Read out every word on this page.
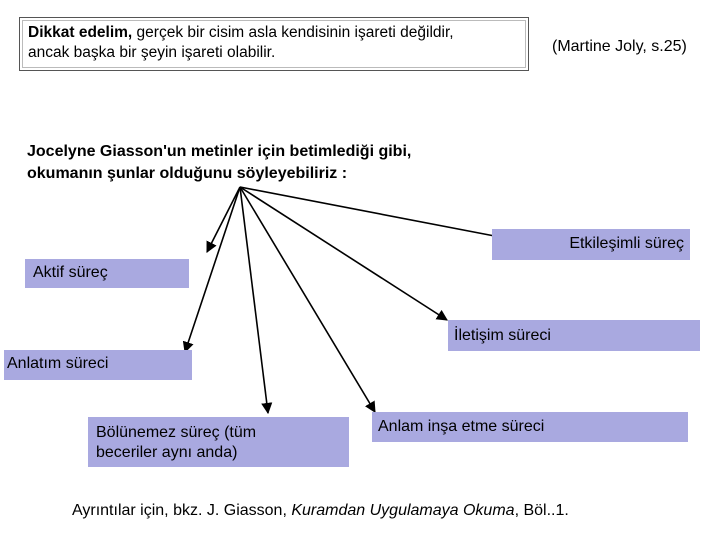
Dikkat edelim, gerçek bir cisim asla kendisinin işareti değildir,
ancak başka bir şeyin işareti olabilir.	(Martine Joly, s.25)
Jocelyne Giasson'un metinler için betimlediği gibi,
okumanın şunlar olduğunu söyleyebiliriz :
Etkileşimli süreç
Aktif süreç
İletişim süreci
Anlatım süreci
Bölünemez süreç (tüm
beceriler aynı anda)
Anlam inşa etme süreci
Ayrıntılar için, bkz. J. Giasson, Kuramdan Uygulamaya Okuma, Böl..1.
